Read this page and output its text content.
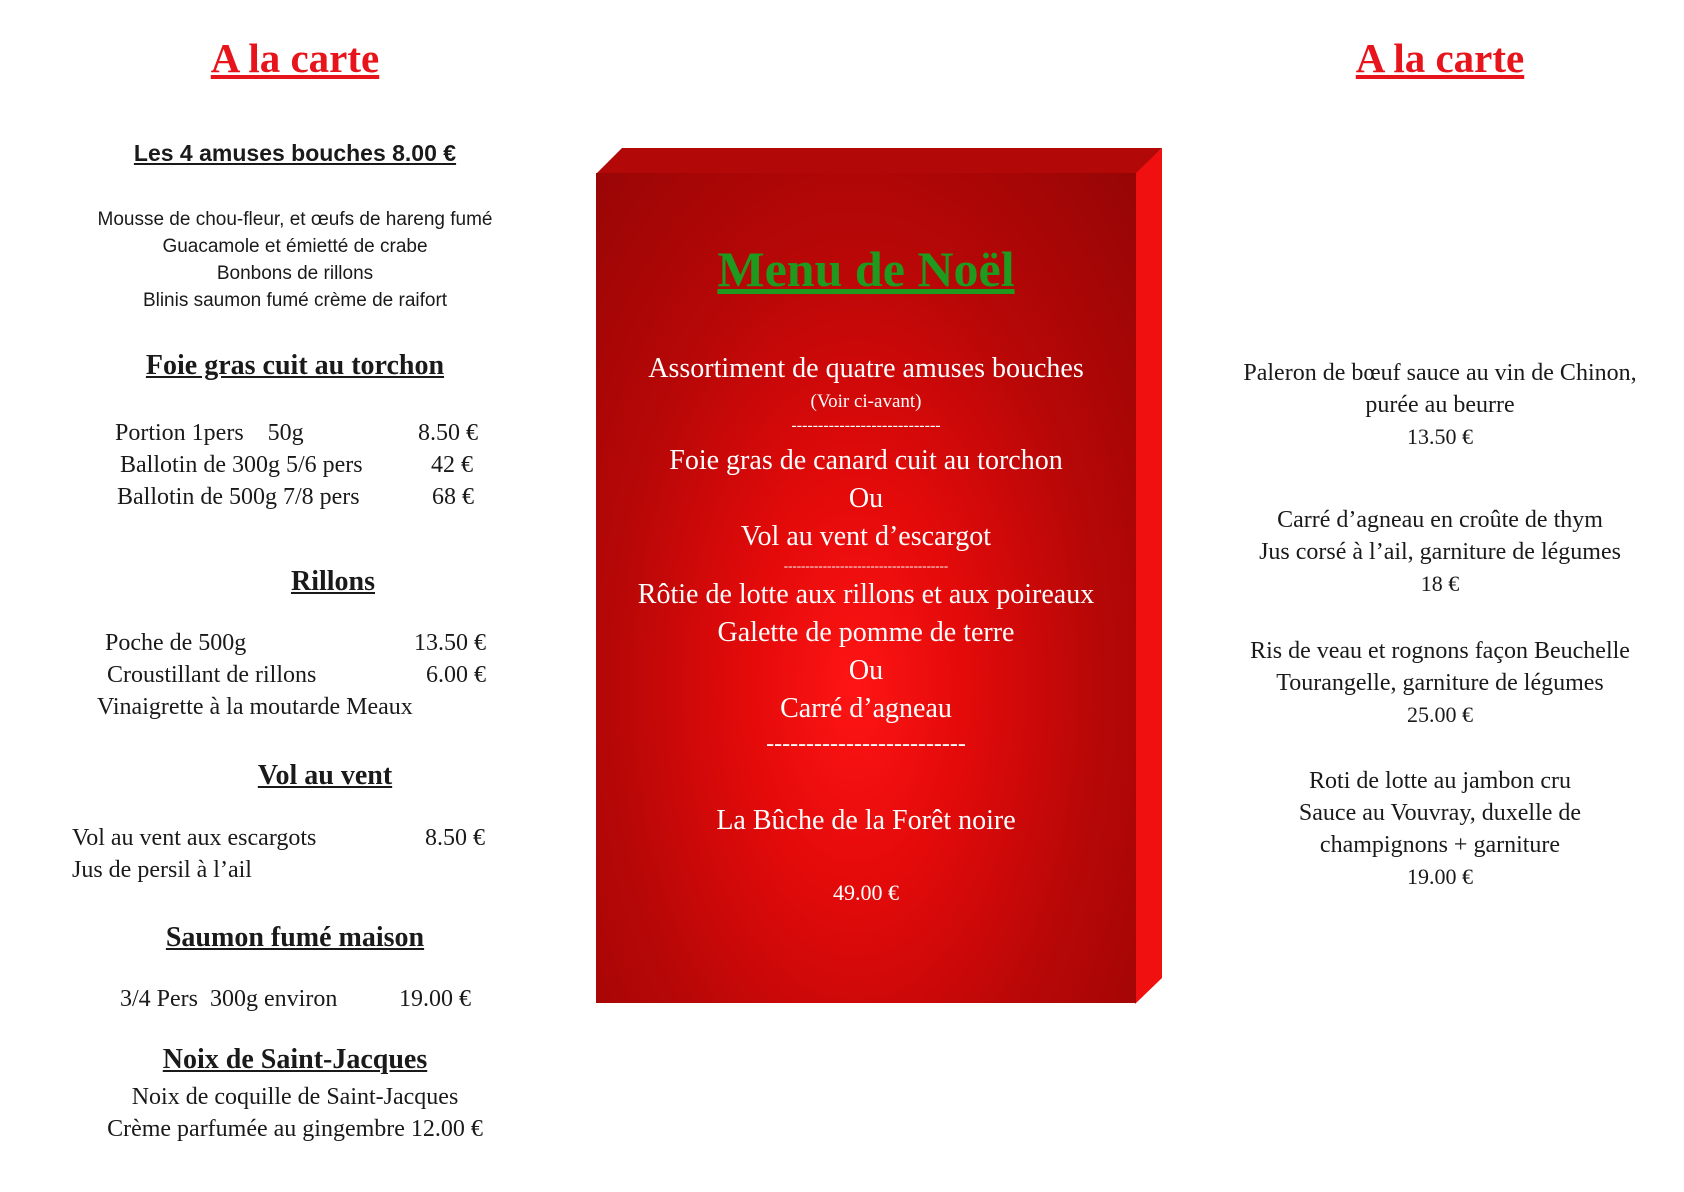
A la carte
Les 4 amuses bouches 8.00 €
Mousse de chou-fleur, et œufs de hareng fumé
Guacamole et émietté de crabe
Bonbons de rillons
Blinis saumon fumé crème de raifort
Foie gras cuit au torchon
Portion 1pers    50g	8.50 €
Ballotin de 300g 5/6 pers	42 €
Ballotin de 500g 7/8 pers	68 €
Rillons
Poche de 500g	13.50 €
Croustillant de rillons	6.00 €
Vinaigrette à la moutarde Meaux
Vol au vent
Vol au vent aux escargots	8.50 €
Jus de persil à l’ail
Saumon fumé maison
3/4 Pers  300g environ	19.00 €
Noix de Saint-Jacques
Noix de coquille de Saint-Jacques
Crème parfumée au gingembre 12.00 €
Menu de Noël
Assortiment de quatre amuses bouches
(Voir ci-avant)
----------------------------
Foie gras de canard cuit au torchon
Ou
Vol au vent d’escargot
--------------------------------------
Rôtie de lotte aux rillons et aux poireaux
Galette de pomme de terre
Ou
Carré d’agneau
-------------------------
La Bûche de la Forêt noire
49.00 €
A la carte
Paleron de bœuf sauce au vin de Chinon,
purée au beurre
13.50 €
Carré d’agneau en croûte de thym
Jus corsé à l’ail, garniture de légumes
18 €
Ris de veau et rognons façon Beuchelle
Tourangelle, garniture de légumes
25.00 €
Roti de lotte au jambon cru
Sauce au Vouvray, duxelle de
champignons + garniture
19.00 €
